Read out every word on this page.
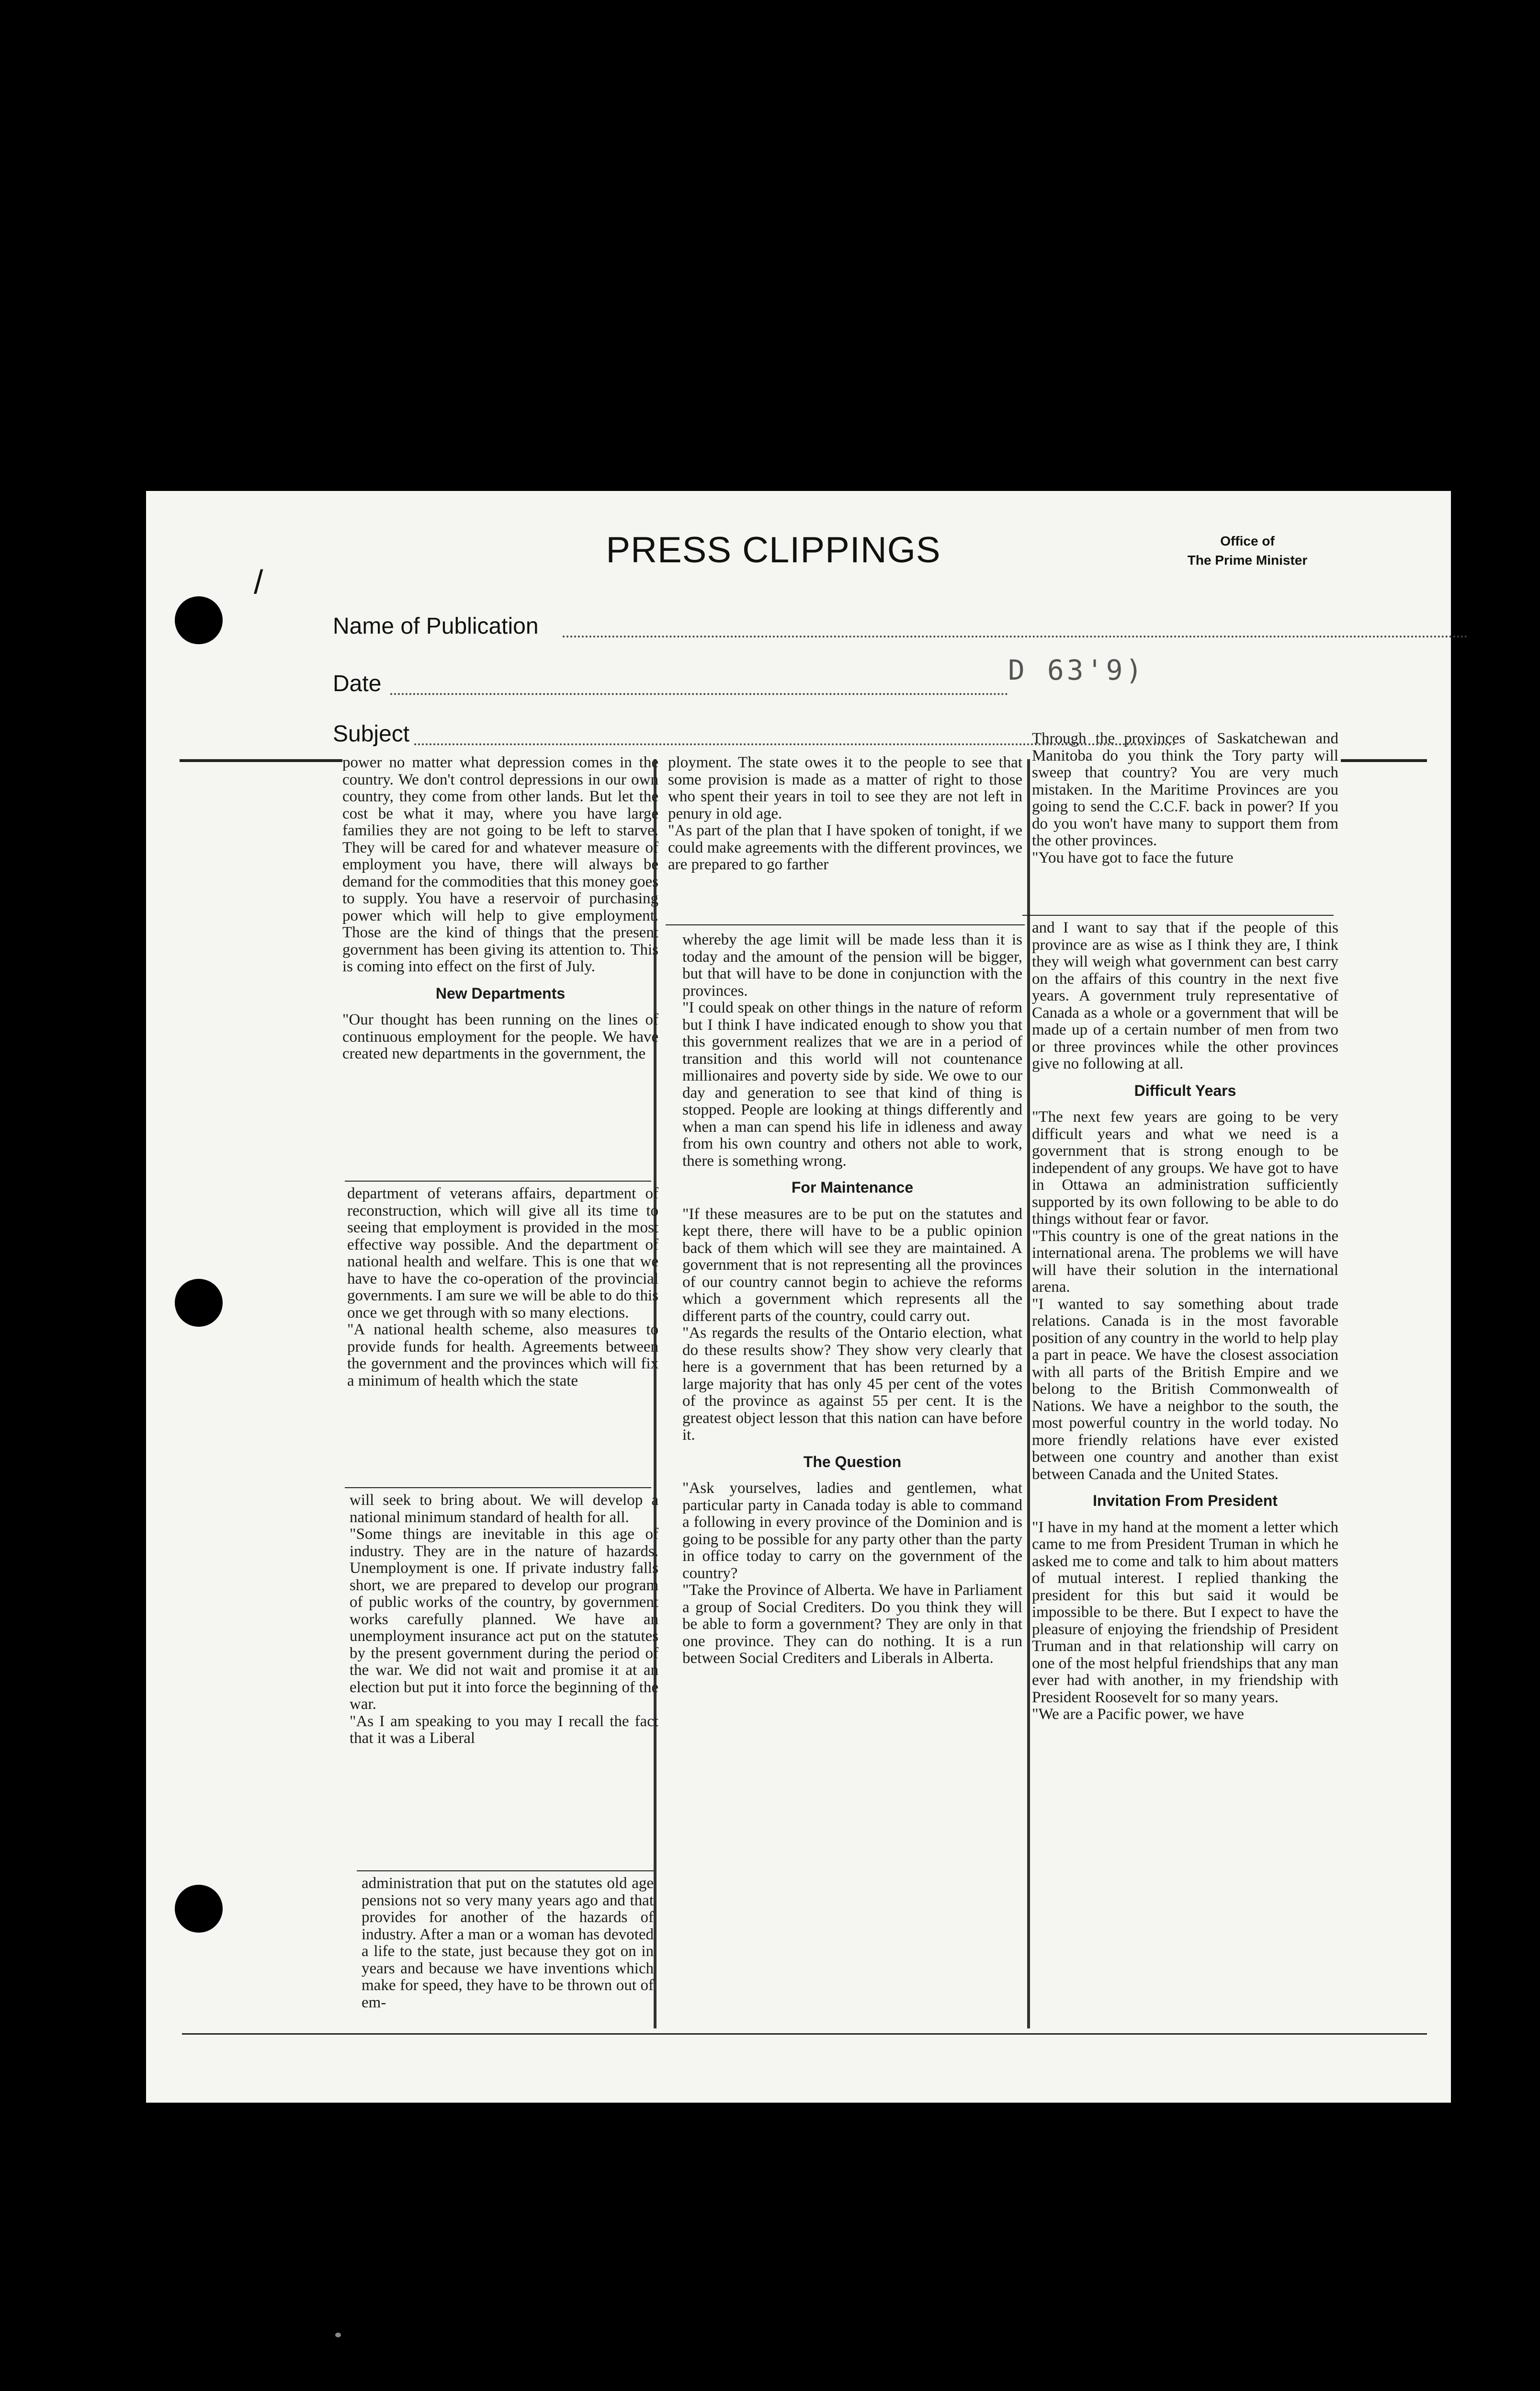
/
PRESS CLIPPINGS	Office of
The Prime Minister
Name of Publication
Date	D 63'9)
Subject

power no matter what depression comes in the country. We don't control depressions in our own country, they come from other lands. But let the cost be what it may, where you have large families they are not going to be left to starve. They will be cared for and whatever measure of employment you have, there will always be demand for the commodities that this money goes to supply. You have a reservoir of purchasing power which will help to give employment. Those are the kind of things that the present government has been giving its attention to. This is coming into effect on the first of July.

New Departments

"Our thought has been running on the lines of continuous employment for the people. We have created new departments in the government, the

department of veterans affairs, department of reconstruction, which will give all its time to seeing that employment is provided in the most effective way possible. And the department of national health and welfare. This is one that we have to have the co-operation of the provincial governments. I am sure we will be able to do this once we get through with so many elections.

"A national health scheme, also measures to provide funds for health. Agreements between the government and the provinces which will fix a minimum of health which the state

will seek to bring about. We will develop a national minimum standard of health for all.

"Some things are inevitable in this age of industry. They are in the nature of hazards. Unemployment is one. If private industry falls short, we are prepared to develop our program of public works of the country, by government works carefully planned. We have an unemployment insurance act put on the statutes by the present government during the period of the war. We did not wait and promise it at an election but put it into force the beginning of the war.

"As I am speaking to you may I recall the fact that it was a Liberal

administration that put on the statutes old age pensions not so very many years ago and that provides for another of the hazards of industry. After a man or a woman has devoted a life to the state, just because they got on in years and because we have inventions which make for speed, they have to be thrown out of em-

ployment. The state owes it to the people to see that some provision is made as a matter of right to those who spent their years in toil to see they are not left in penury in old age.

"As part of the plan that I have spoken of tonight, if we could make agreements with the different provinces, we are prepared to go farther

whereby the age limit will be made less than it is today and the amount of the pension will be bigger, but that will have to be done in conjunction with the provinces.

"I could speak on other things in the nature of reform but I think I have indicated enough to show you that this government realizes that we are in a period of transition and this world will not countenance millionaires and poverty side by side. We owe to our day and generation to see that kind of thing is stopped. People are looking at things differently and when a man can spend his life in idleness and away from his own country and others not able to work, there is something wrong.

For Maintenance

"If these measures are to be put on the statutes and kept there, there will have to be a public opinion back of them which will see they are maintained. A government that is not representing all the provinces of our country cannot begin to achieve the reforms which a government which represents all the different parts of the country, could carry out.

"As regards the results of the Ontario election, what do these results show? They show very clearly that here is a government that has been returned by a large majority that has only 45 per cent of the votes of the province as against 55 per cent. It is the greatest object lesson that this nation can have before it.

The Question

"Ask yourselves, ladies and gentlemen, what particular party in Canada today is able to command a following in every province of the Dominion and is going to be possible for any party other than the party in office today to carry on the government of the country?

"Take the Province of Alberta. We have in Parliament a group of Social Crediters. Do you think they will be able to form a government? They are only in that one province. They can do nothing. It is a run between Social Crediters and Liberals in Alberta.

Through the provinces of Saskatchewan and Manitoba do you think the Tory party will sweep that country? You are very much mistaken. In the Maritime Provinces are you going to send the C.C.F. back in power? If you do you won't have many to support them from the other provinces.

"You have got to face the future

and I want to say that if the people of this province are as wise as I think they are, I think they will weigh what government can best carry on the affairs of this country in the next five years. A government truly representative of Canada as a whole or a government that will be made up of a certain number of men from two or three provinces while the other provinces give no following at all.

Difficult Years

"The next few years are going to be very difficult years and what we need is a government that is strong enough to be independent of any groups. We have got to have in Ottawa an administration sufficiently supported by its own following to be able to do things without fear or favor.

"This country is one of the great nations in the international arena. The problems we will have will have their solution in the international arena.

"I wanted to say something about trade relations. Canada is in the most favorable position of any country in the world to help play a part in peace. We have the closest association with all parts of the British Empire and we belong to the British Commonwealth of Nations. We have a neighbor to the south, the most powerful country in the world today. No more friendly relations have ever existed between one country and another than exist between Canada and the United States.

Invitation From President

"I have in my hand at the moment a letter which came to me from President Truman in which he asked me to come and talk to him about matters of mutual interest. I replied thanking the president for this but said it would be impossible to be there. But I expect to have the pleasure of enjoying the friendship of President Truman and in that relationship will carry on one of the most helpful friendships that any man ever had with another, in my friendship with President Roosevelt for so many years.

"We are a Pacific power, we have
